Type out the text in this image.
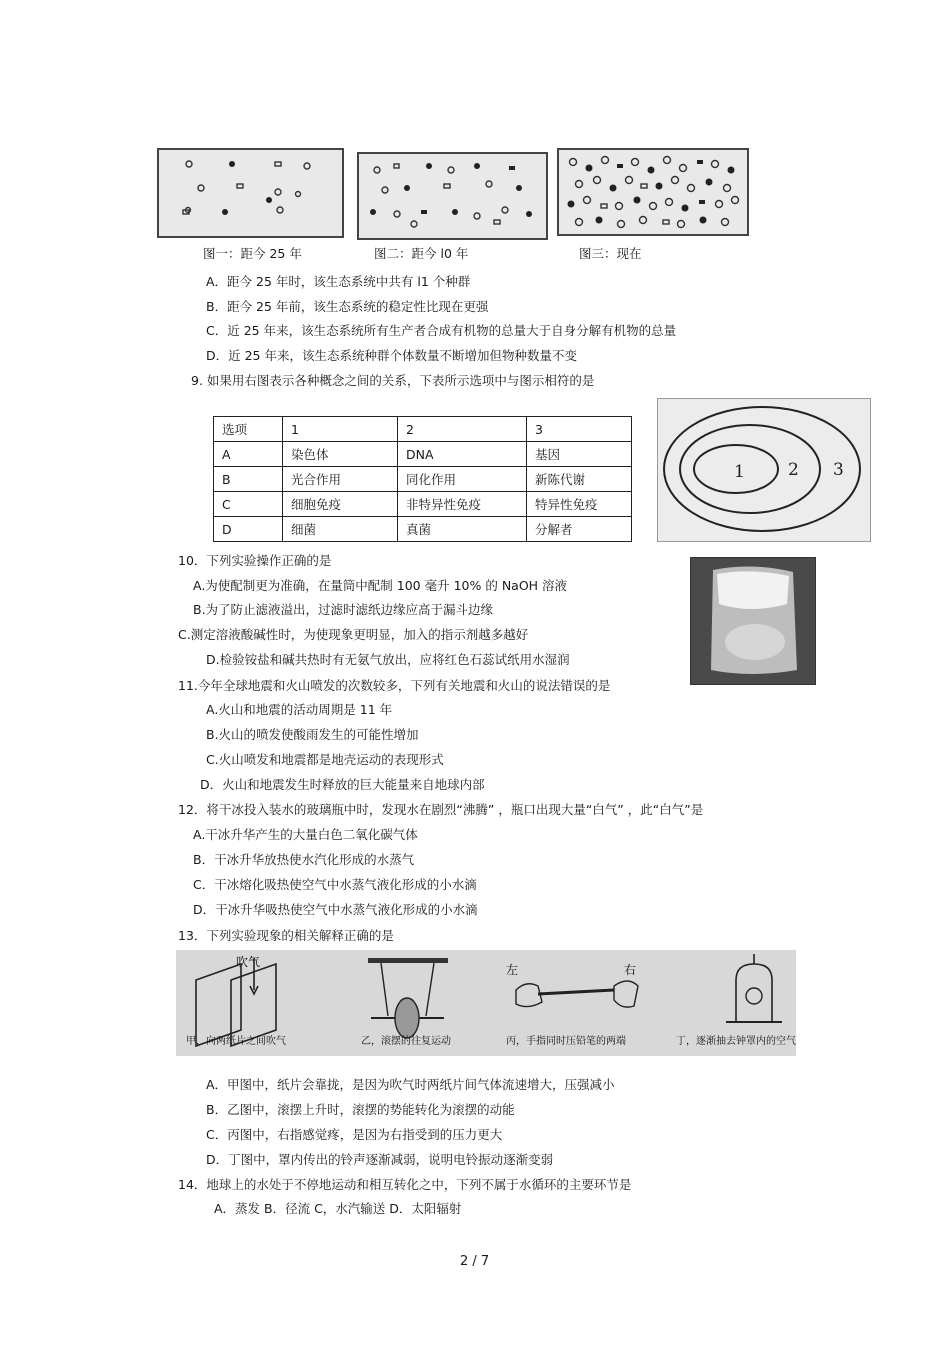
图一：距今 25 年	图二：距今 l0 年	图三：现在
A．距今 25 年时，该生态系统中共有 l1 个种群
B．距今 25 年前，该生态系统的稳定性比现在更强
C．近 25 年来，该生态系统所有生产者合成有机物的总量大于自身分解有机物的总量
D．近 25 年来，该生态系统种群个体数量不断增加但物种数量不变
9. 如果用右图表示各种概念之间的关系，下表所示选项中与图示相符的是
选项	1	2	3
A	染色体	DNA	基因
B	光合作用	同化作用	新陈代谢
C	细胞免疫	非特异性免疫	特异性免疫
D	细菌	真菌	分解者
1	2 3
10．下列实验操作正确的是
A.为使配制更为准确，在量筒中配制 100 毫升 10% 的 NaOH 溶液
B.为了防止滤液溢出，过滤时滤纸边缘应高于漏斗边缘
C.测定溶液酸碱性时，为使现象更明显，加入的指示剂越多越好
D.检验铵盐和碱共热时有无氨气放出，应将红色石蕊试纸用水湿润
11.今年全球地震和火山喷发的次数较多，下列有关地震和火山的说法错误的是
A.火山和地震的活动周期是 11 年
B.火山的喷发使酸雨发生的可能性增加
C.火山喷发和地震都是地壳运动的表现形式
D．火山和地震发生时释放的巨大能量来自地球内部
12．将干冰投入装水的玻璃瓶中时，发现水在剧烈“沸腾” ，瓶口出现大量“白气” ，此“白气”是
A.干冰升华产生的大量白色二氧化碳气体
B．干冰升华放热使水汽化形成的水蒸气
C．干冰熔化吸热使空气中水蒸气液化形成的小水滴
D．干冰升华吸热使空气中水蒸气液化形成的小水滴
13．下列实验现象的相关解释正确的是
吹气
左	右
甲，向两纸片之间吹气	乙，滚摆的往复运动	丙，手指同时压铅笔的两端	丁，逐渐抽去钟罩内的空气
A．甲图中，纸片会靠拢，是因为吹气时两纸片间气体流速增大，压强减小
B．乙图中，滚摆上升时，滚摆的势能转化为滚摆的动能
C．丙图中，右指感觉疼，是因为右指受到的压力更大
D．丁图中，罩内传出的铃声逐渐减弱，说明电铃振动逐渐变弱
14．地球上的水处于不停地运动和相互转化之中，下列不属于水循环的主要环节是
A．蒸发 B．径流 C，水汽输送 D．太阳辐射
2 / 7
